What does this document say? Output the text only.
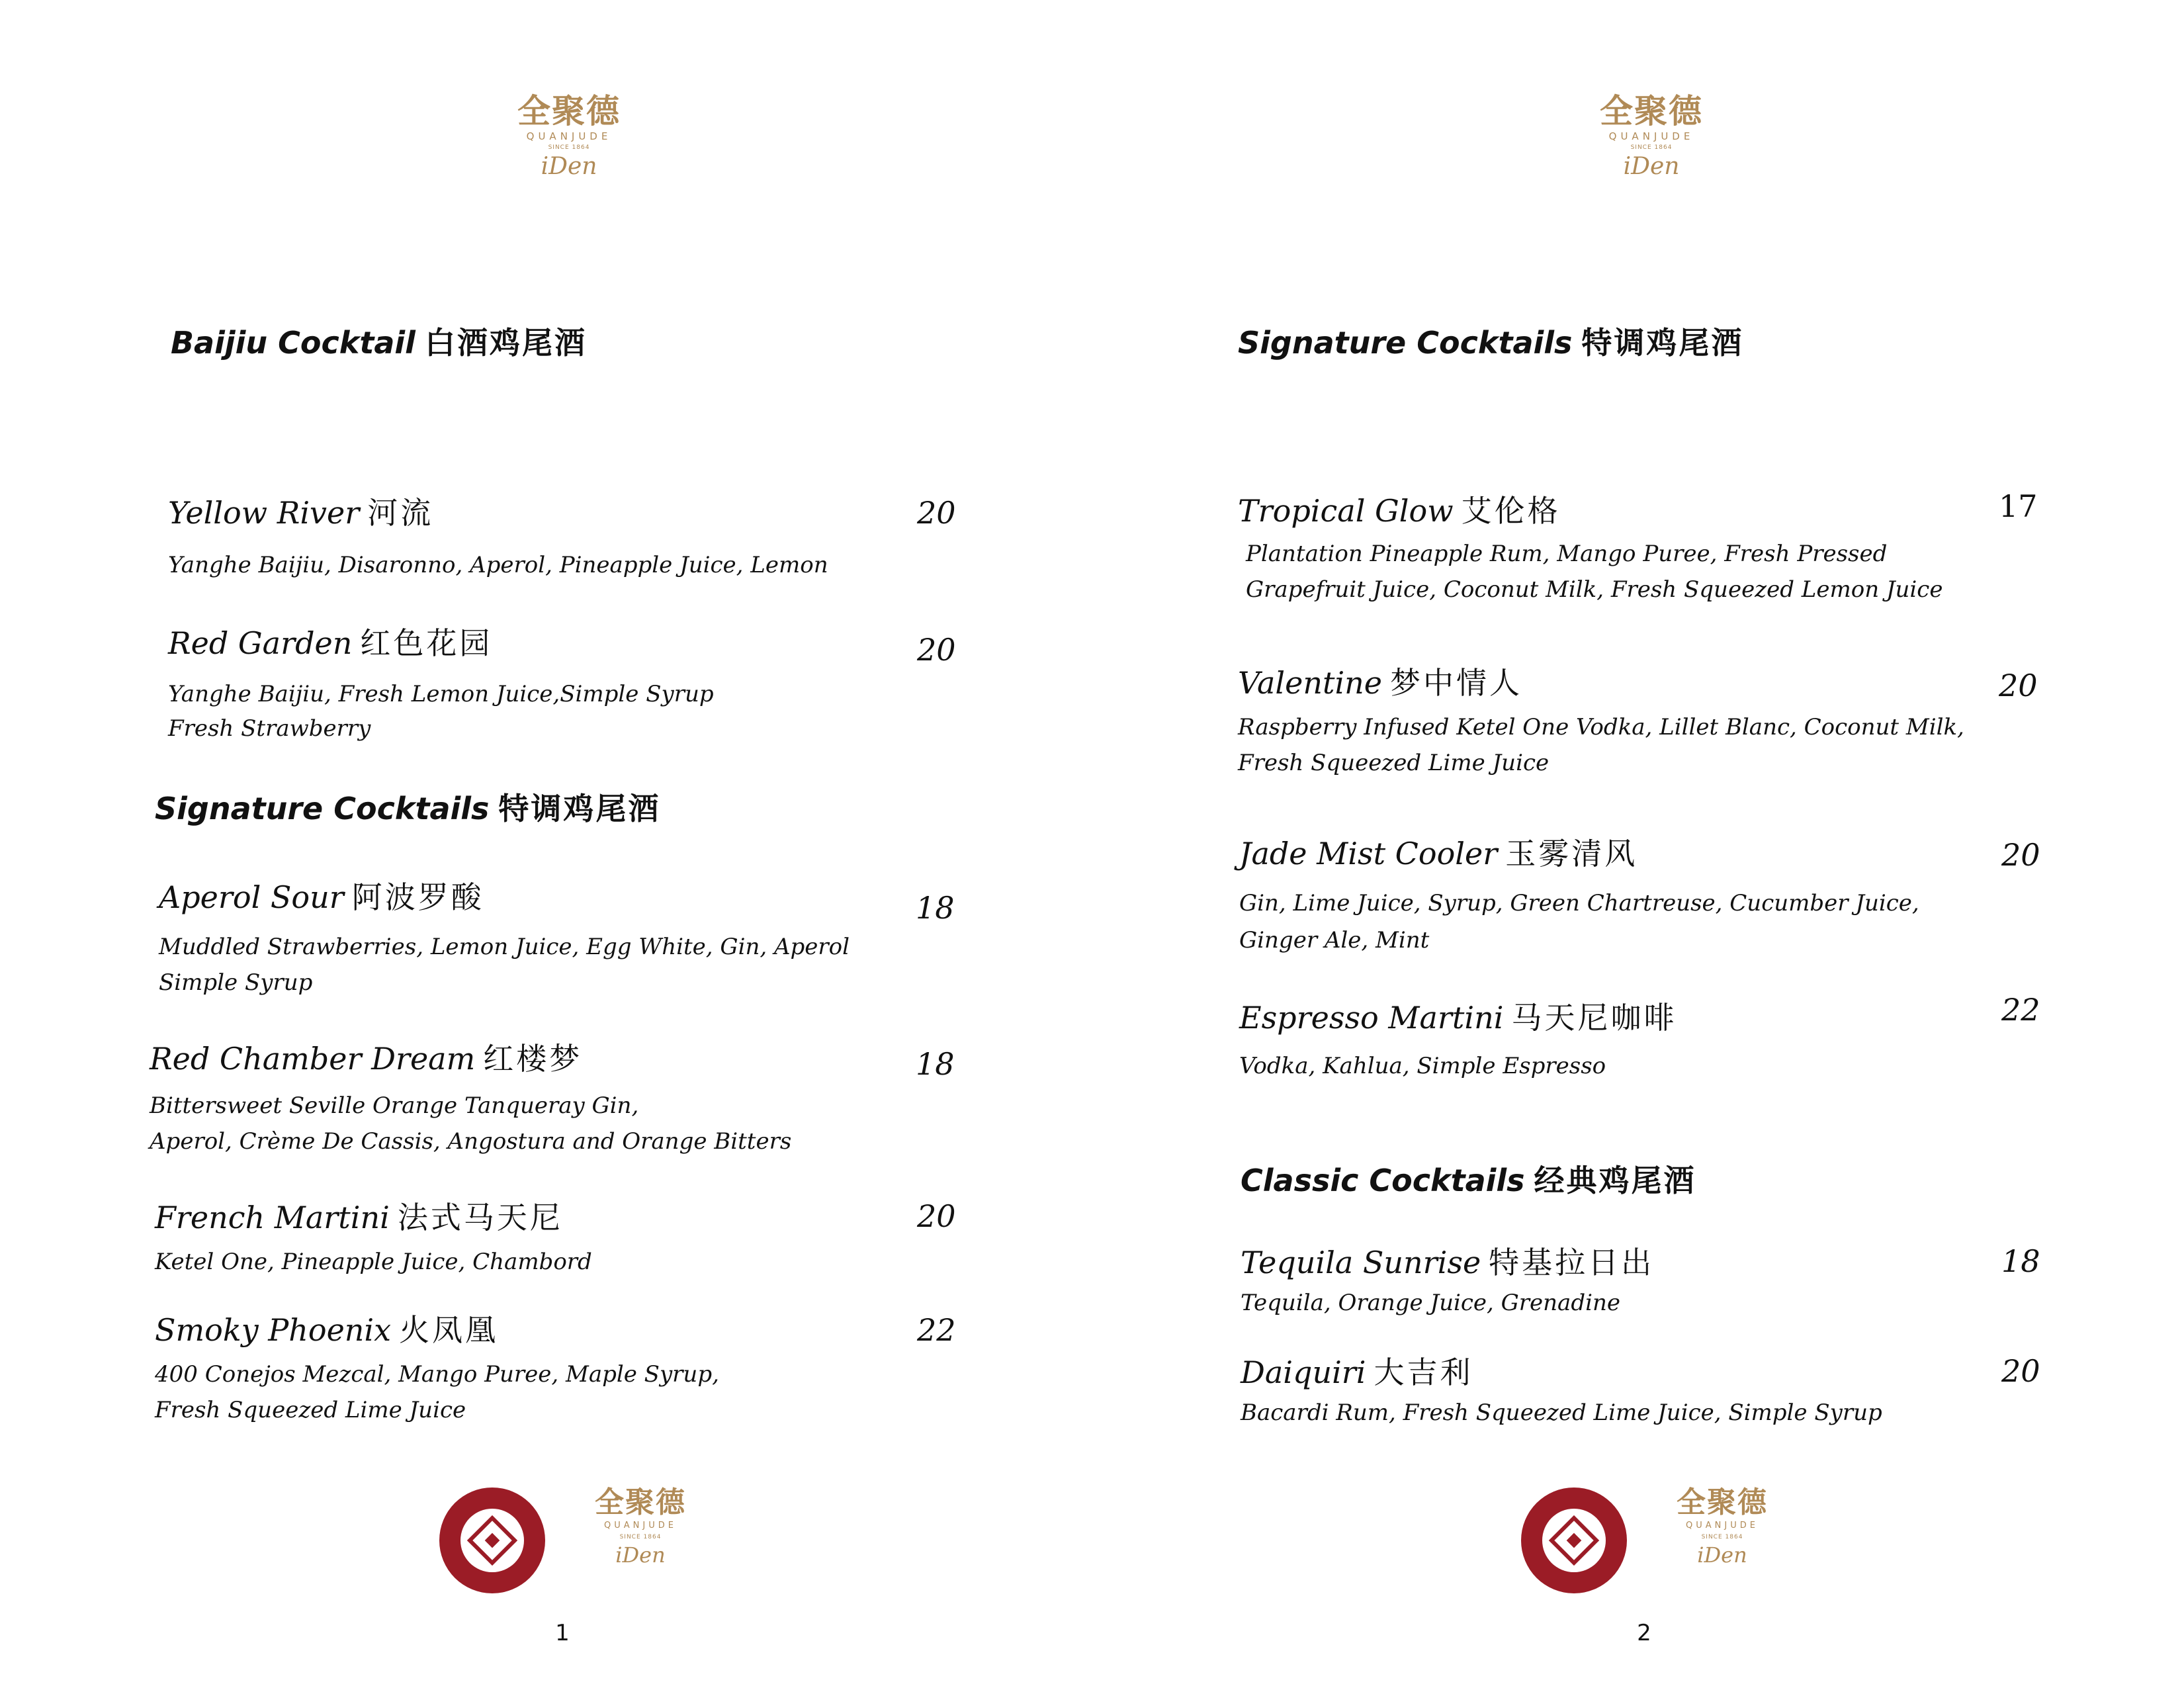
全聚德
QUANJUDE
SINCE 1864
iDen
Baijiu Cocktail 白酒鸡尾酒
Yellow River 河流
Yanghe Baijiu, Disaronno, Aperol, Pineapple Juice, Lemon
20
Red Garden 红色花园
Yanghe Baijiu, Fresh Lemon Juice,Simple Syrup
Fresh Strawberry
20
Signature Cocktails 特调鸡尾酒
Aperol Sour 阿波罗酸
Muddled Strawberries, Lemon Juice, Egg White, Gin, Aperol
Simple Syrup
18
Red Chamber Dream 红楼梦
Bittersweet Seville Orange Tanqueray Gin,
Aperol, Crème De Cassis, Angostura and Orange Bitters
18
French Martini 法式马天尼
Ketel One, Pineapple Juice, Chambord
20
Smoky Phoenix 火凤凰
400 Conejos Mezcal, Mango Puree, Maple Syrup,
Fresh Squeezed Lime Juice
22
全聚德
QUANJUDE
SINCE 1864
iDen
1
全聚德
QUANJUDE
SINCE 1864
iDen
Signature Cocktails 特调鸡尾酒
Tropical Glow 艾伦格
Plantation Pineapple Rum, Mango Puree, Fresh Pressed
Grapefruit Juice, Coconut Milk, Fresh Squeezed Lemon Juice
17
Valentine 梦中情人
Raspberry Infused Ketel One Vodka, Lillet Blanc, Coconut Milk,
Fresh Squeezed Lime Juice
20
Jade Mist Cooler 玉雾清风
Gin, Lime Juice, Syrup, Green Chartreuse, Cucumber Juice,
Ginger Ale, Mint
20
Espresso Martini 马天尼咖啡
Vodka, Kahlua, Simple Espresso
22
Classic Cocktails 经典鸡尾酒
Tequila Sunrise 特基拉日出
Tequila, Orange Juice, Grenadine
18
Daiquiri 大吉利
Bacardi Rum, Fresh Squeezed Lime Juice, Simple Syrup
20
全聚德
QUANJUDE
SINCE 1864
iDen
2
